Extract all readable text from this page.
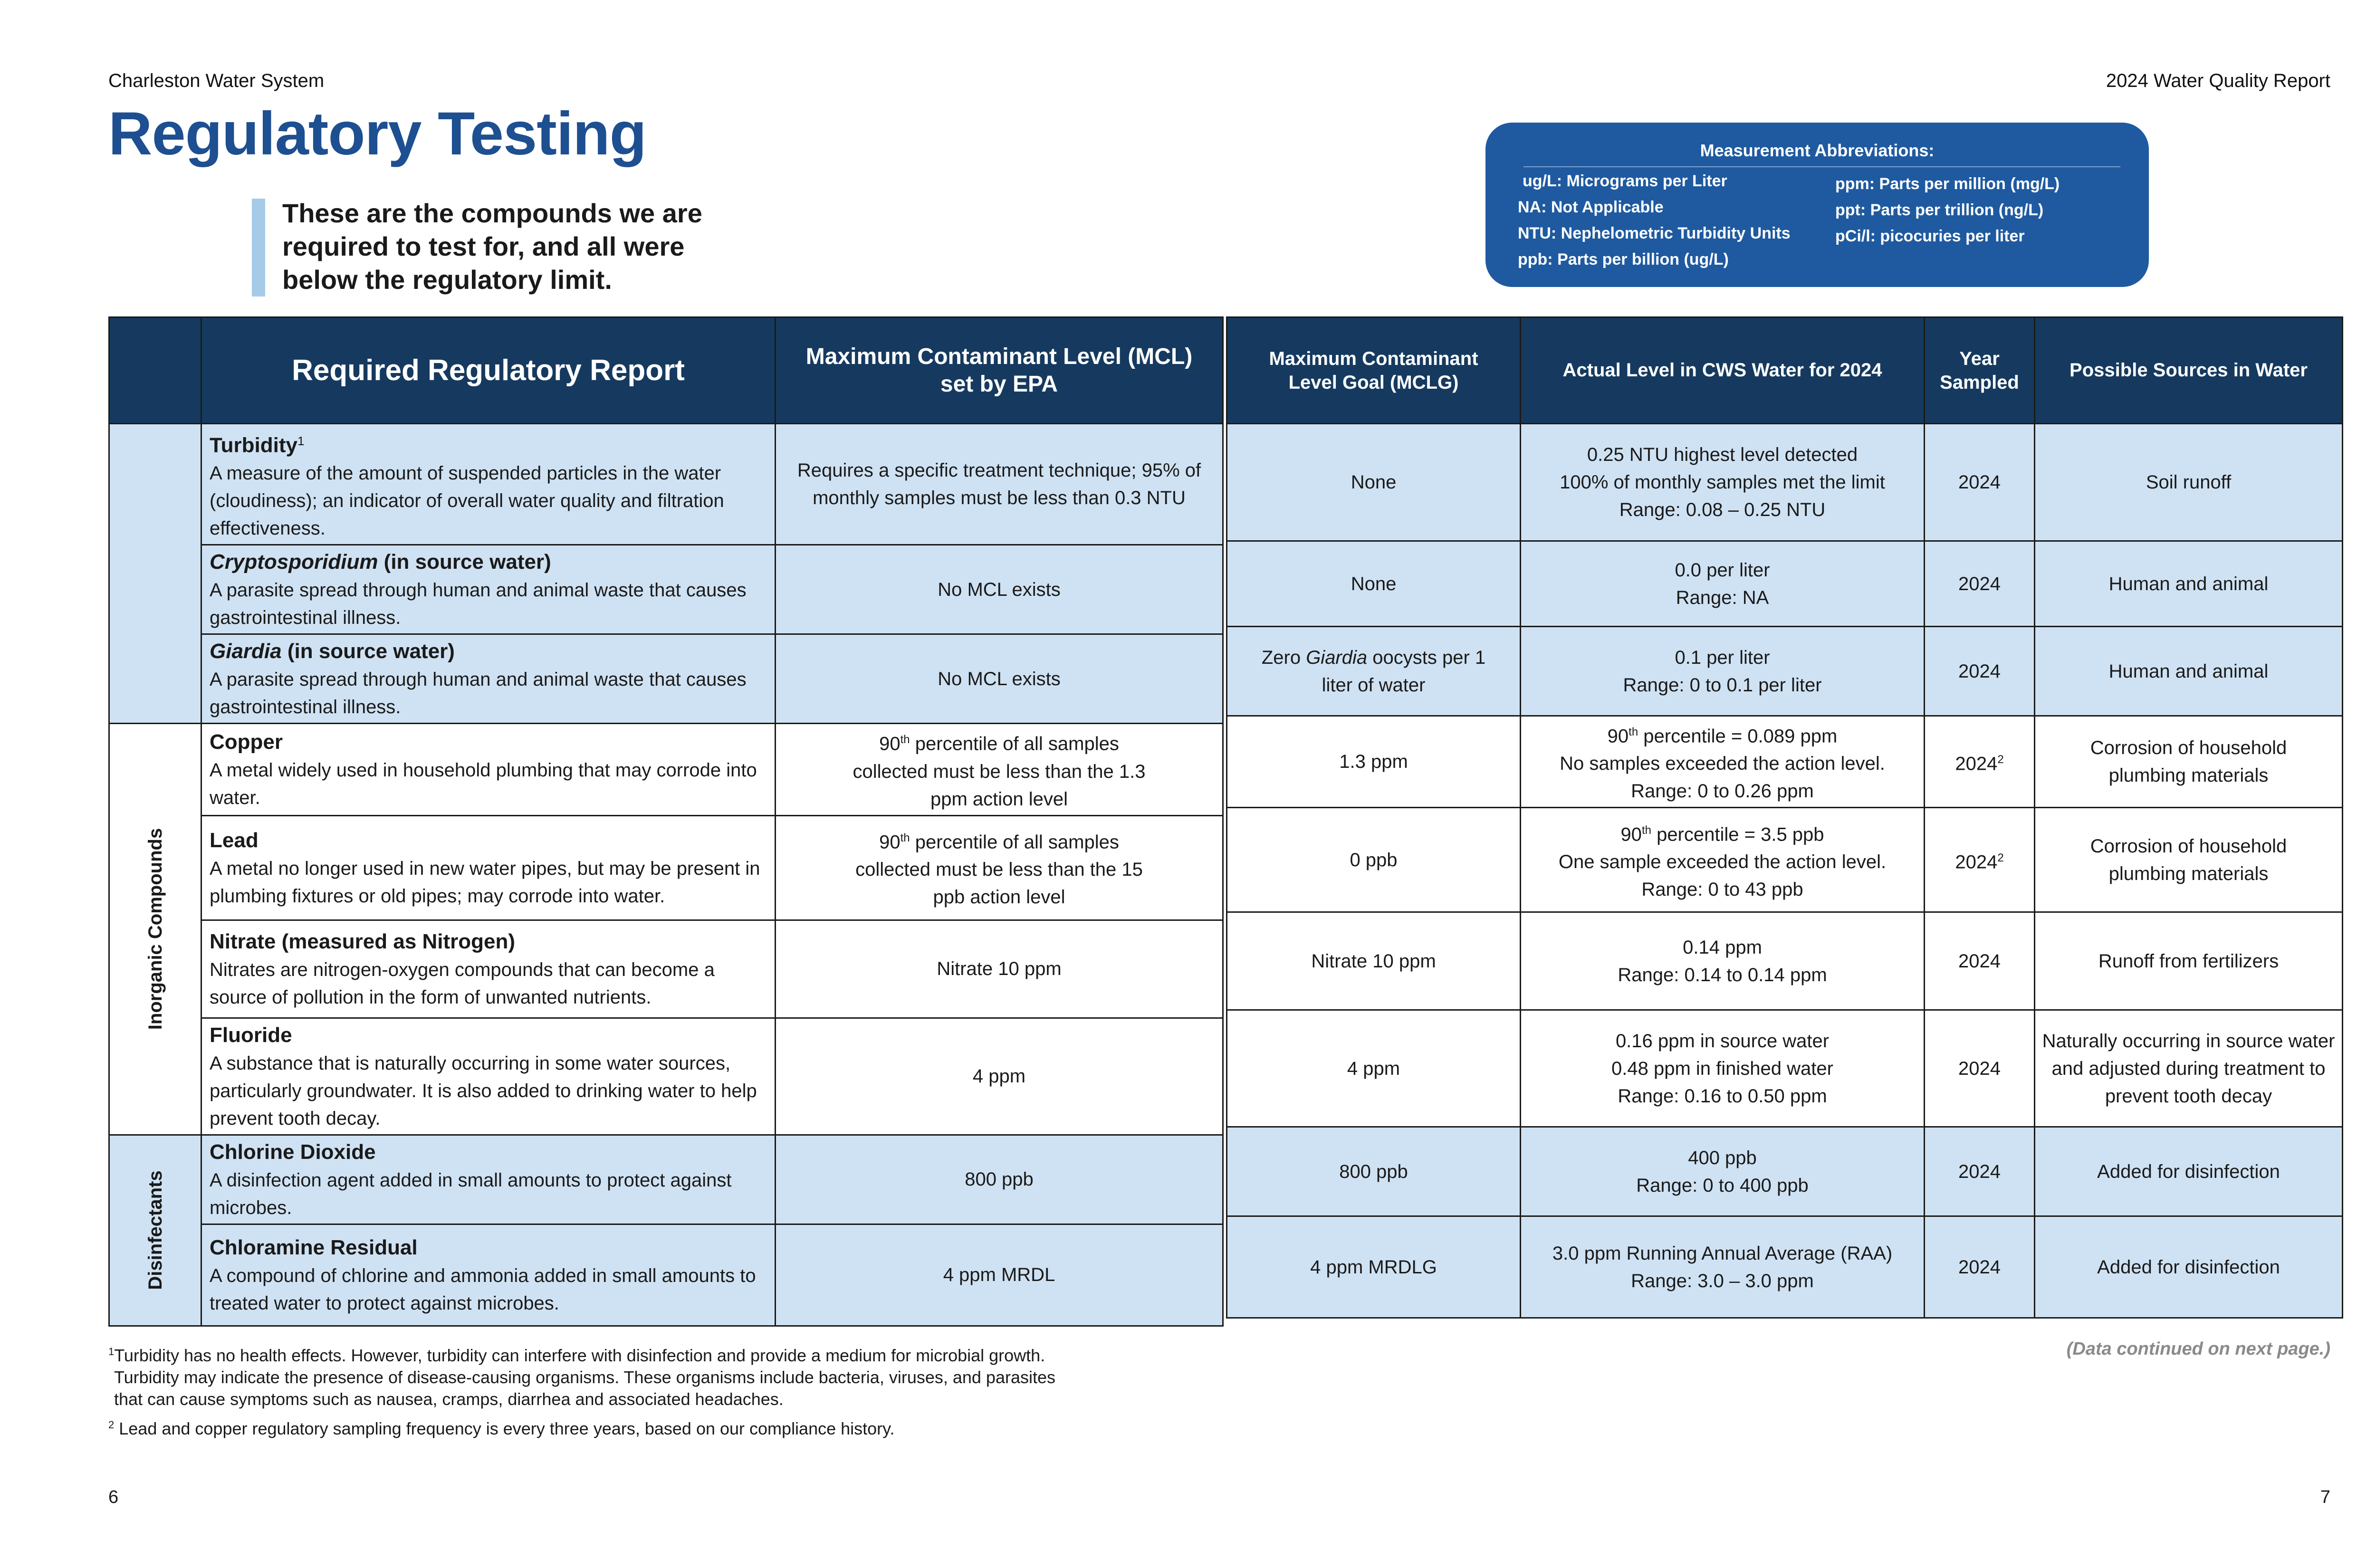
Charleston Water System	2024 Water Quality Report
Regulatory Testing
These are the compounds we are required to test for, and all were below the regulatory limit.
Measurement Abbreviations:
ug/L: Micrograms per Liter
NA: Not Applicable
NTU: Nephelometric Turbidity Units
ppb: Parts per billion (ug/L)
ppm: Parts per million (mg/L)
ppt: Parts per trillion (ng/L)
pCi/l: picocuries per liter
	Required Regulatory Report	Maximum Contaminant Level (MCL) set by EPA
	Turbidity$^1$
A measure of the amount of suspended particles in the water (cloudiness); an indicator of overall water quality and filtration effectiveness.	Requires a specific treatment technique; 95% of monthly samples must be less than 0.3 NTU
	Cryptosporidium (in source water)
A parasite spread through human and animal waste that causes gastrointestinal illness.	No MCL exists
	Giardia (in source water)
A parasite spread through human and animal waste that causes gastrointestinal illness.	No MCL exists

Inorganic Compounds	Copper
A metal widely used in household plumbing that may corrode into water.	90th percentile of all samples collected must be less than the 1.3 ppm action level
	Lead
A metal no longer used in new water pipes, but may be present in plumbing fixtures or old pipes; may corrode into water.	90th percentile of all samples collected must be less than the 15 ppb action level
	Nitrate (measured as Nitrogen)
Nitrates are nitrogen-oxygen compounds that can become a source of pollution in the form of unwanted nutrients.	Nitrate 10 ppm
	Fluoride
A substance that is naturally occurring in some water sources, particularly groundwater. It is also added to drinking water to help prevent tooth decay.	4 ppm

Disinfectants	Chlorine Dioxide
A disinfection agent added in small amounts to protect against microbes.	800 ppb
	Chloramine Residual
A compound of chlorine and ammonia added in small amounts to treated water to protect against microbes.	4 ppm MRDL
Maximum Contaminant Level Goal (MCLG)	Actual Level in CWS Water for 2024	Year Sampled	Possible Sources in Water
None	0.25 NTU highest level detected
100% of monthly samples met the limit
Range: 0.08 – 0.25 NTU	2024	Soil runoff
None	0.0 per liter
Range: NA	2024	Human and animal
Zero Giardia oocysts per 1 liter of water	0.1 per liter
Range: 0 to 0.1 per liter	2024	Human and animal
1.3 ppm	90th percentile = 0.089 ppm
No samples exceeded the action level.
Range: 0 to 0.26 ppm	2024$^2$	Corrosion of household plumbing materials
0 ppb	90th percentile = 3.5 ppb
One sample exceeded the action level.
Range: 0 to 43 ppb	2024$^2$	Corrosion of household plumbing materials
Nitrate 10 ppm	0.14 ppm
Range: 0.14 to 0.14 ppm	2024	Runoff from fertilizers
4 ppm	0.16 ppm in source water
0.48 ppm in finished water
Range: 0.16 to 0.50 ppm	2024	Naturally occurring in source water and adjusted during treatment to prevent tooth decay
800 ppb	400 ppb
Range: 0 to 400 ppb	2024	Added for disinfection
4 ppm MRDLG	3.0 ppm Running Annual Average (RAA)
Range: 3.0 – 3.0 ppm	2024	Added for disinfection
$^1$Turbidity has no health effects. However, turbidity can interfere with disinfection and provide a medium for microbial growth. Turbidity may indicate the presence of disease-causing organisms. These organisms include bacteria, viruses, and parasites that can cause symptoms such as nausea, cramps, diarrhea and associated headaches.
$^2$ Lead and copper regulatory sampling frequency is every three years, based on our compliance history.
(Data continued on next page.)
6	7
